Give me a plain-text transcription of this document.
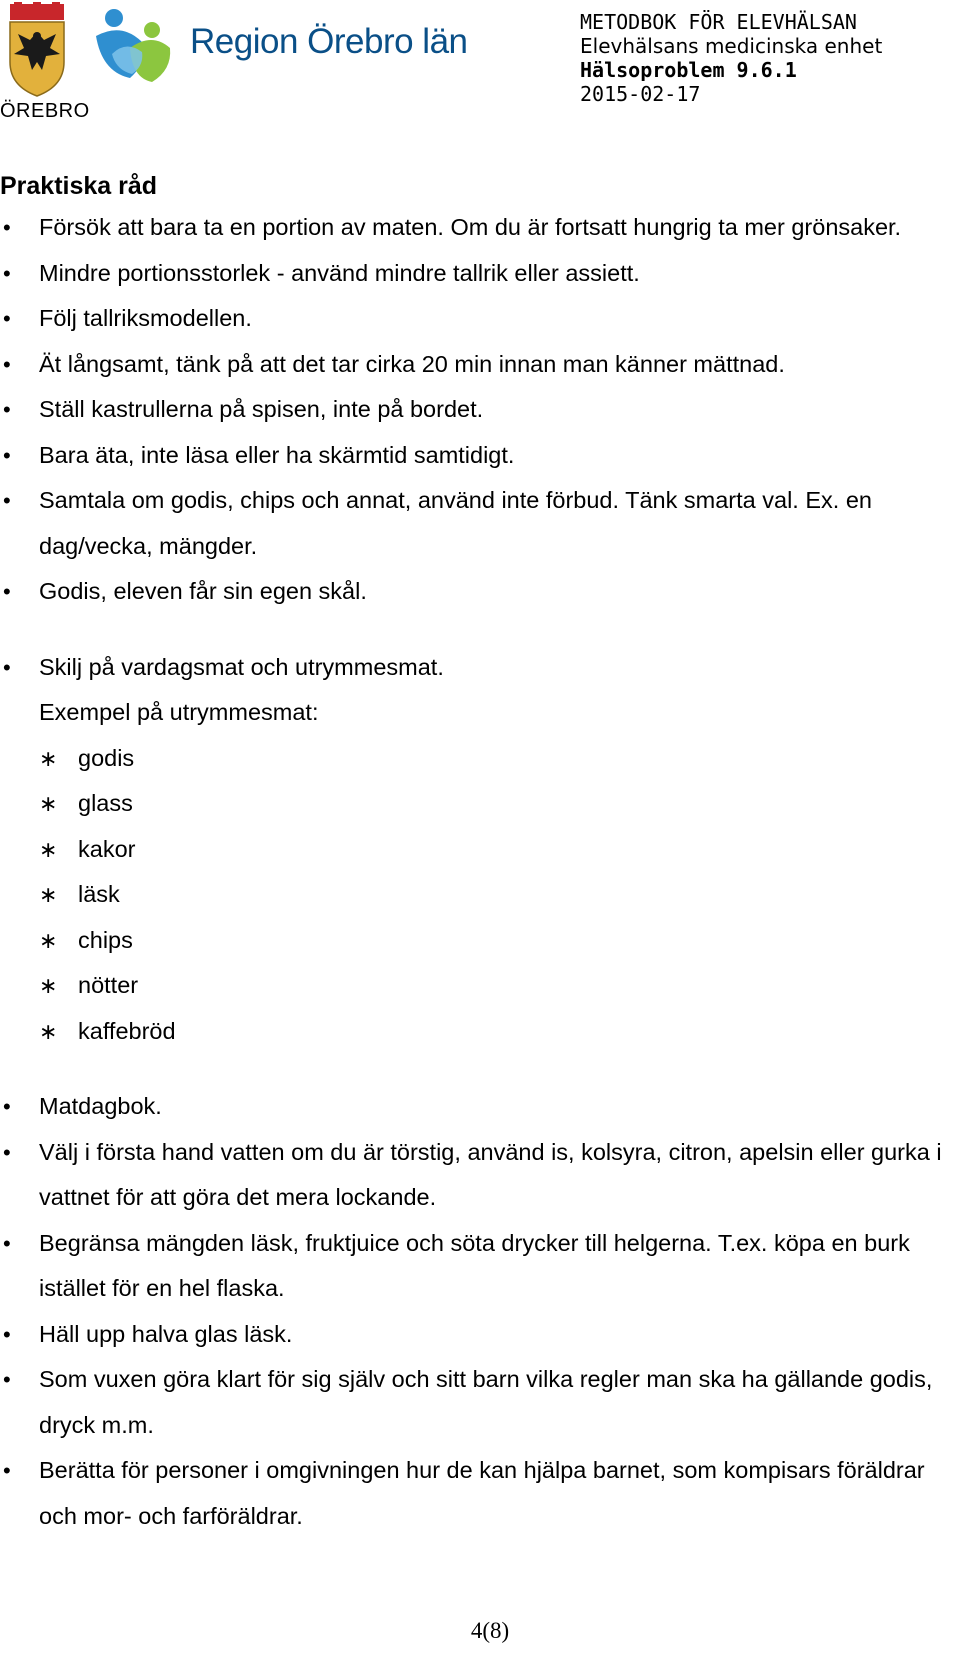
ÖREBRO
Region Örebro län	METODBOK FÖR ELEVHÄLSAN
Elevhälsans medicinska enhet
Hälsoproblem 9.6.1
2015-02-17
Praktiska råd
• Försök att bara ta en portion av maten. Om du är fortsatt hungrig ta mer grönsaker.
• Mindre portionsstorlek - använd mindre tallrik eller assiett.
• Följ tallriksmodellen.
• Ät långsamt, tänk på att det tar cirka 20 min innan man känner mättnad.
• Ställ kastrullerna på spisen, inte på bordet.
• Bara äta, inte läsa eller ha skärmtid samtidigt.
• Samtala om godis, chips och annat, använd inte förbud. Tänk smarta val. Ex. en dag/vecka, mängder.
• Godis, eleven får sin egen skål.
• Skilj på vardagsmat och utrymmesmat.
Exempel på utrymmesmat:
∗ godis
∗ glass
∗ kakor
∗ läsk
∗ chips
∗ nötter
∗ kaffebröd
• Matdagbok.
• Välj i första hand vatten om du är törstig, använd is, kolsyra, citron, apelsin eller gurka i vattnet för att göra det mera lockande.
• Begränsa mängden läsk, fruktjuice och söta drycker till helgerna. T.ex. köpa en burk istället för en hel flaska.
• Häll upp halva glas läsk.
• Som vuxen göra klart för sig själv och sitt barn vilka regler man ska ha gällande godis, dryck m.m.
• Berätta för personer i omgivningen hur de kan hjälpa barnet, som kompisars föräldrar och mor- och farföräldrar.
4(8)
